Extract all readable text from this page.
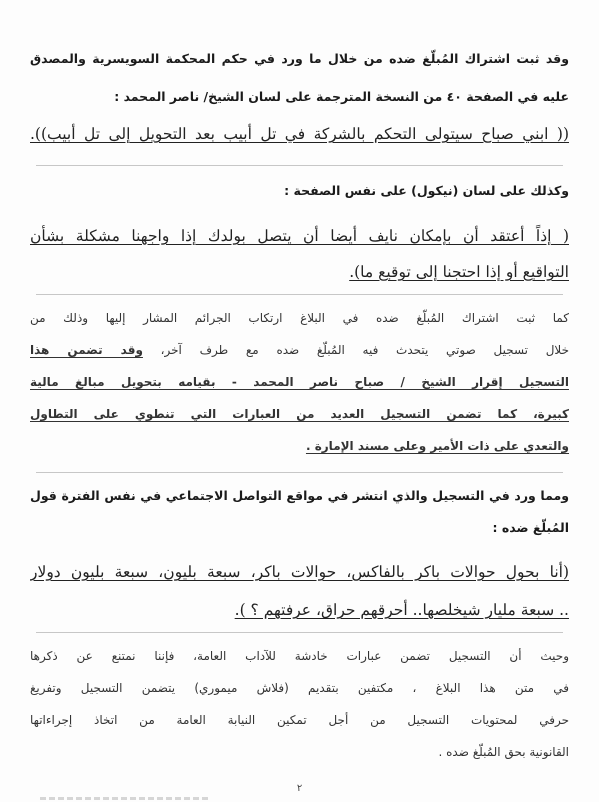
وقد ثبت اشتراك المُبلّغ ضده من خلال ما ورد في حكم المحكمة السويسرية والمصدق
عليه في الصفحة ٤٠ من النسخة المترجمة على لسان الشيخ/ ناصر المحمد :
(( ابني صباح سيتولى التحكم بالشركة في تل أبيب بعد التحويل إلى تل أبيب)).
وكذلك على لسان (نيكول) على نفس الصفحة :
( إذاً أعتقد أن بإمكان نايف أيضا أن يتصل بولدك إذا واجهنا مشكلة بشأن
التواقيع أو إذا احتجنا إلى توقيع ما).
كما ثبت اشتراك المُبلّغ ضده في البلاغ ارتكاب الجرائم المشار إليها وذلك من
خلال تسجيل صوتي يتحدث فيه المُبلّغ ضده مع طرف آخر، وقد تضمن هذا
التسجيل إقرار الشيخ / صباح ناصر المحمد - بقيامه بتحويل مبالغ مالية
كبيرة، كما تضمن التسجيل العديد من العبارات التي تنطوي على التطاول
والتعدي على ذات الأمير وعلى مسند الإمارة .
ومما ورد في التسجيل والذي انتشر في مواقع التواصل الاجتماعي في نفس الفترة قول
المُبلّغ ضده :
(أنا بحول حوالات باكر بالفاكس، حوالات باكر، سبعة بليون، سبعة بليون دولار
.. سبعة مليار شيخلصها.. أحرقهم حراق، عرفتهم ؟ ).
وحيث أن التسجيل تضمن عبارات خادشة للآداب العامة، فإننا نمتنع عن ذكرها
في متن هذا البلاغ ، مكتفين بتقديم (فلاش ميموري) يتضمن التسجيل وتفريغ
حرفي لمحتويات التسجيل من أجل تمكين النيابة العامة من اتخاذ إجراءاتها
القانونية بحق المُبلّغ ضده .
٢
